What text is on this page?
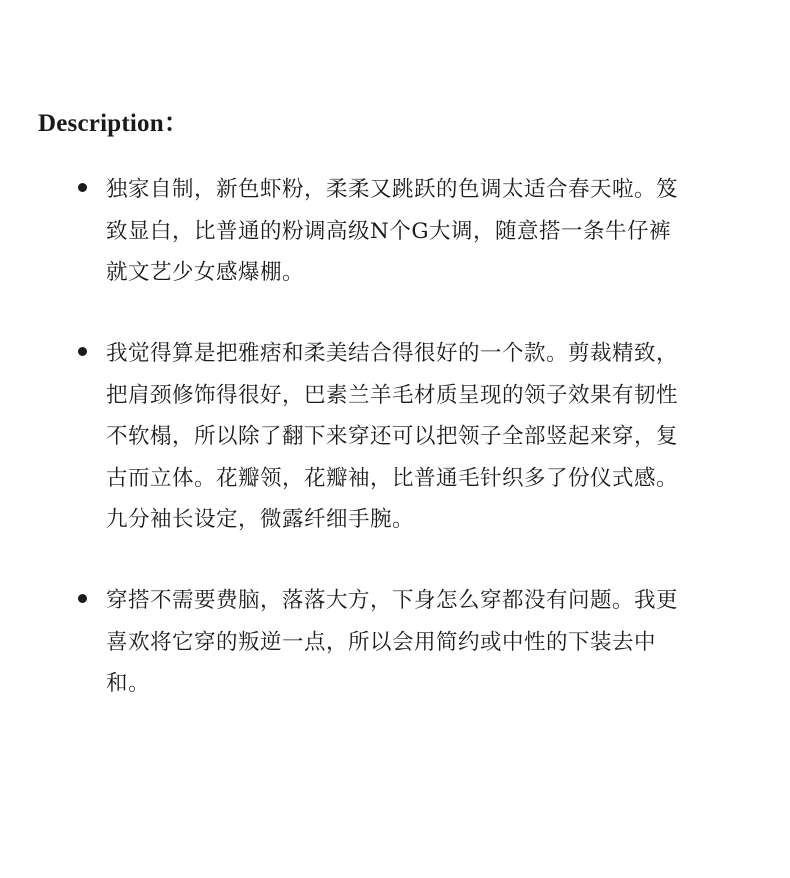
Description：
独家自制，新色虾粉，柔柔又跳跃的色调太适合春天啦。笈
致显白，比普通的粉调高级N个G大调，随意搭一条牛仔裤
就文艺少女感爆棚。
我觉得算是把雅痞和柔美结合得很好的一个款。剪裁精致，
把肩颈修饰得很好，巴素兰羊毛材质呈现的领子效果有韧性
不软榻，所以除了翻下来穿还可以把领子全部竖起来穿，复
古而立体。花瓣领，花瓣袖，比普通毛针织多了份仪式感。
九分袖长设定，微露纤细手腕。
穿搭不需要费脑，落落大方，下身怎么穿都没有问题。我更
喜欢将它穿的叛逆一点，所以会用简约或中性的下装去中
和。
